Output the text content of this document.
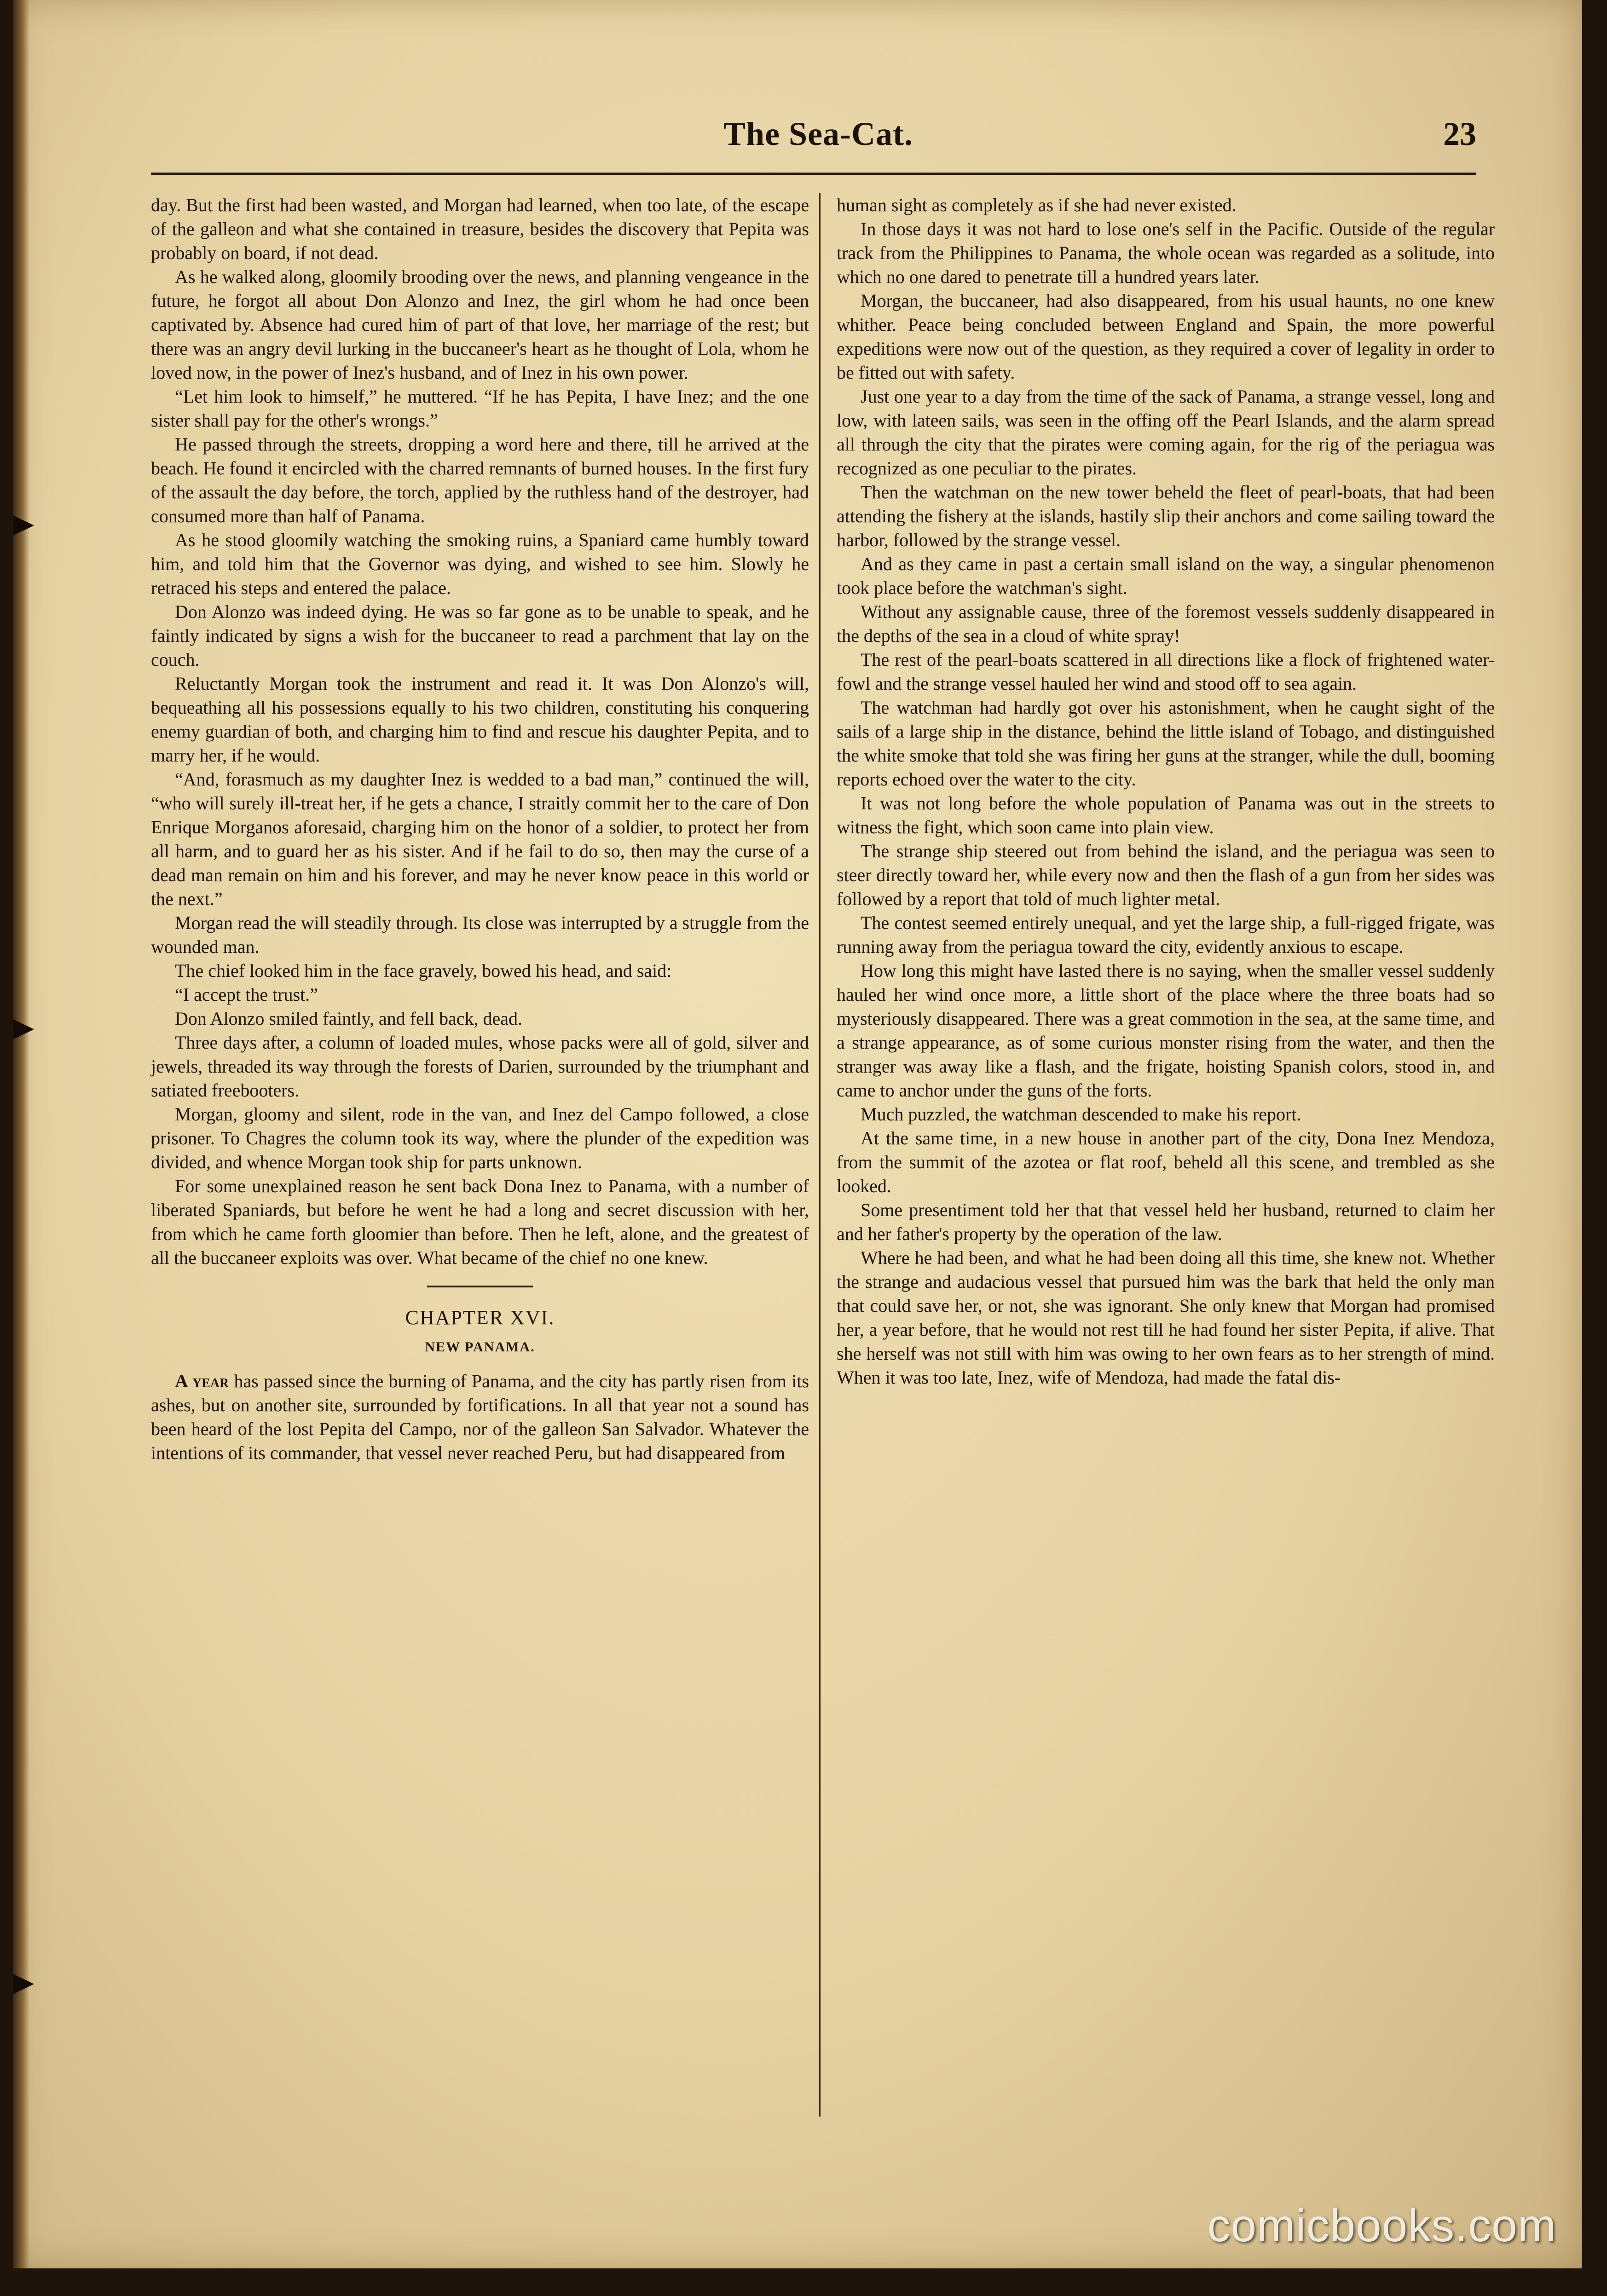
The Sea-Cat.	23

day. But the first had been wasted, and Morgan had learned, when too late, of the escape of the galleon and what she contained in treasure, besides the discovery that Pepita was probably on board, if not dead.

As he walked along, gloomily brooding over the news, and planning vengeance in the future, he forgot all about Don Alonzo and Inez, the girl whom he had once been captivated by. Absence had cured him of part of that love, her marriage of the rest; but there was an angry devil lurking in the buccaneer's heart as he thought of Lola, whom he loved now, in the power of Inez's husband, and of Inez in his own power.

“Let him look to himself,” he muttered. “If he has Pepita, I have Inez; and the one sister shall pay for the other's wrongs.”

He passed through the streets, dropping a word here and there, till he arrived at the beach. He found it encircled with the charred remnants of burned houses. In the first fury of the assault the day before, the torch, applied by the ruthless hand of the destroyer, had consumed more than half of Panama.

As he stood gloomily watching the smoking ruins, a Spaniard came humbly toward him, and told him that the Governor was dying, and wished to see him. Slowly he retraced his steps and entered the palace.

Don Alonzo was indeed dying. He was so far gone as to be unable to speak, and he faintly indicated by signs a wish for the buccaneer to read a parchment that lay on the couch.

Reluctantly Morgan took the instrument and read it. It was Don Alonzo's will, bequeathing all his possessions equally to his two children, constituting his conquering enemy guardian of both, and charging him to find and rescue his daughter Pepita, and to marry her, if he would.

“And, forasmuch as my daughter Inez is wedded to a bad man,” continued the will, “who will surely ill-treat her, if he gets a chance, I straitly commit her to the care of Don Enrique Morganos aforesaid, charging him on the honor of a soldier, to protect her from all harm, and to guard her as his sister. And if he fail to do so, then may the curse of a dead man remain on him and his forever, and may he never know peace in this world or the next.”

Morgan read the will steadily through. Its close was interrupted by a struggle from the wounded man.

The chief looked him in the face gravely, bowed his head, and said:

“I accept the trust.”

Don Alonzo smiled faintly, and fell back, dead.

Three days after, a column of loaded mules, whose packs were all of gold, silver and jewels, threaded its way through the forests of Darien, surrounded by the triumphant and satiated freebooters.

Morgan, gloomy and silent, rode in the van, and Inez del Campo followed, a close prisoner. To Chagres the column took its way, where the plunder of the expedition was divided, and whence Morgan took ship for parts unknown.

For some unexplained reason he sent back Dona Inez to Panama, with a number of liberated Spaniards, but before he went he had a long and secret discussion with her, from which he came forth gloomier than before. Then he left, alone, and the greatest of all the buccaneer exploits was over. What became of the chief no one knew.

CHAPTER XVI.
NEW PANAMA.

A year has passed since the burning of Panama, and the city has partly risen from its ashes, but on another site, surrounded by fortifications. In all that year not a sound has been heard of the lost Pepita del Campo, nor of the galleon San Salvador. Whatever the intentions of its commander, that vessel never reached Peru, but had disappeared from

human sight as completely as if she had never existed.

In those days it was not hard to lose one's self in the Pacific. Outside of the regular track from the Philippines to Panama, the whole ocean was regarded as a solitude, into which no one dared to penetrate till a hundred years later.

Morgan, the buccaneer, had also disappeared, from his usual haunts, no one knew whither. Peace being concluded between England and Spain, the more powerful expeditions were now out of the question, as they required a cover of legality in order to be fitted out with safety.

Just one year to a day from the time of the sack of Panama, a strange vessel, long and low, with lateen sails, was seen in the offing off the Pearl Islands, and the alarm spread all through the city that the pirates were coming again, for the rig of the periagua was recognized as one peculiar to the pirates.

Then the watchman on the new tower beheld the fleet of pearl-boats, that had been attending the fishery at the islands, hastily slip their anchors and come sailing toward the harbor, followed by the strange vessel.

And as they came in past a certain small island on the way, a singular phenomenon took place before the watchman's sight.

Without any assignable cause, three of the foremost vessels suddenly disappeared in the depths of the sea in a cloud of white spray!

The rest of the pearl-boats scattered in all directions like a flock of frightened water-fowl and the strange vessel hauled her wind and stood off to sea again.

The watchman had hardly got over his astonishment, when he caught sight of the sails of a large ship in the distance, behind the little island of Tobago, and distinguished the white smoke that told she was firing her guns at the stranger, while the dull, booming reports echoed over the water to the city.

It was not long before the whole population of Panama was out in the streets to witness the fight, which soon came into plain view.

The strange ship steered out from behind the island, and the periagua was seen to steer directly toward her, while every now and then the flash of a gun from her sides was followed by a report that told of much lighter metal.

The contest seemed entirely unequal, and yet the large ship, a full-rigged frigate, was running away from the periagua toward the city, evidently anxious to escape.

How long this might have lasted there is no saying, when the smaller vessel suddenly hauled her wind once more, a little short of the place where the three boats had so mysteriously disappeared. There was a great commotion in the sea, at the same time, and a strange appearance, as of some curious monster rising from the water, and then the stranger was away like a flash, and the frigate, hoisting Spanish colors, stood in, and came to anchor under the guns of the forts.

Much puzzled, the watchman descended to make his report.

At the same time, in a new house in another part of the city, Dona Inez Mendoza, from the summit of the azotea or flat roof, beheld all this scene, and trembled as she looked.

Some presentiment told her that that vessel held her husband, returned to claim her and her father's property by the operation of the law.

Where he had been, and what he had been doing all this time, she knew not. Whether the strange and audacious vessel that pursued him was the bark that held the only man that could save her, or not, she was ignorant. She only knew that Morgan had promised her, a year before, that he would not rest till he had found her sister Pepita, if alive. That she herself was not still with him was owing to her own fears as to her strength of mind. When it was too late, Inez, wife of Mendoza, had made the fatal dis-

comicbooks.com
